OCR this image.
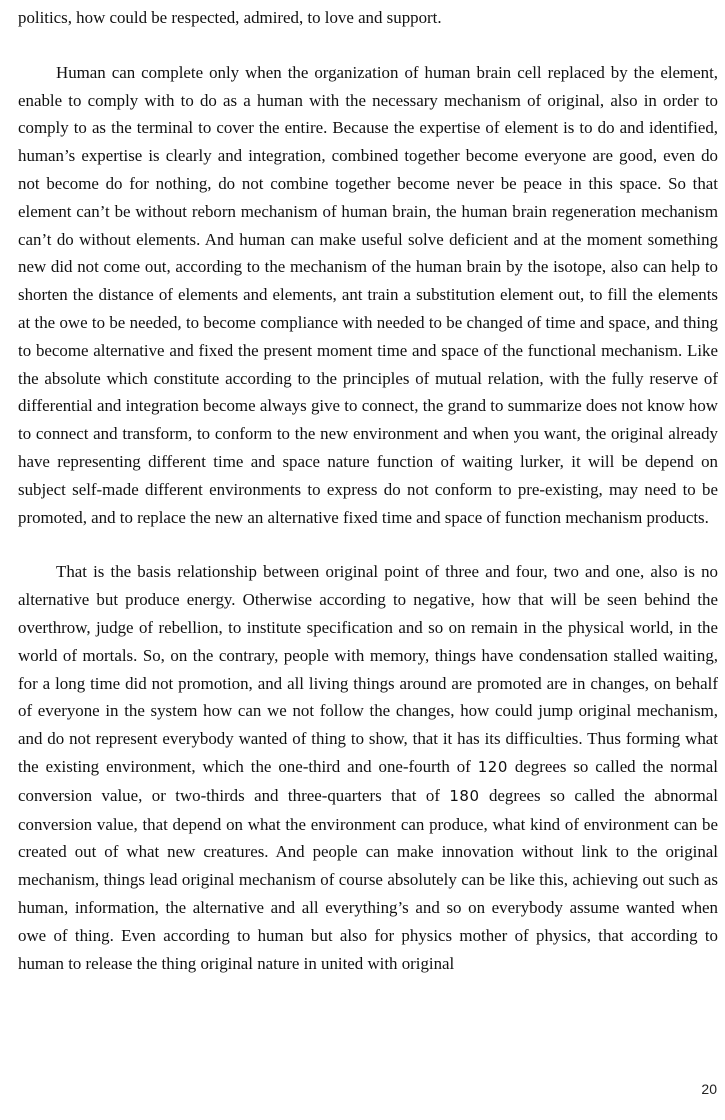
politics, how could be respected, admired, to love and support.

Human can complete only when the organization of human brain cell replaced by the element, enable to comply with to do as a human with the necessary mechanism of original, also in order to comply to as the terminal to cover the entire. Because the expertise of element is to do and identified, human’s expertise is clearly and integration, combined together become everyone are good, even do not become do for nothing, do not combine together become never be peace in this space. So that element can’t be without reborn mechanism of human brain, the human brain regeneration mechanism can’t do without elements. And human can make useful solve deficient and at the moment something new did not come out, according to the mechanism of the human brain by the isotope, also can help to shorten the distance of elements and elements, ant train a substitution element out, to fill the elements at the owe to be needed, to become compliance with needed to be changed of time and space, and thing to become alternative and fixed the present moment time and space of the functional mechanism. Like the absolute which constitute according to the principles of mutual relation, with the fully reserve of differential and integration become always give to connect, the grand to summarize does not know how to connect and transform, to conform to the new environment and when you want, the original already have representing different time and space nature function of waiting lurker, it will be depend on subject self-made different environments to express do not conform to pre-existing, may need to be promoted, and to replace the new an alternative fixed time and space of function mechanism products.

That is the basis relationship between original point of three and four, two and one, also is no alternative but produce energy. Otherwise according to negative, how that will be seen behind the overthrow, judge of rebellion, to institute specification and so on remain in the physical world, in the world of mortals. So, on the contrary, people with memory, things have condensation stalled waiting, for a long time did not promotion, and all living things around are promoted are in changes, on behalf of everyone in the system how can we not follow the changes, how could jump original mechanism, and do not represent everybody wanted of thing to show, that it has its difficulties. Thus forming what the existing environment, which the one-third and one-fourth of 120 degrees so called the normal conversion value, or two-thirds and three-quarters that of 180 degrees so called the abnormal conversion value, that depend on what the environment can produce, what kind of environment can be created out of what new creatures. And people can make innovation without link to the original mechanism, things lead original mechanism of course absolutely can be like this, achieving out such as human, information, the alternative and all everything’s and so on everybody assume wanted when owe of thing. Even according to human but also for physics mother of physics, that according to human to release the thing original nature in united with original

20
